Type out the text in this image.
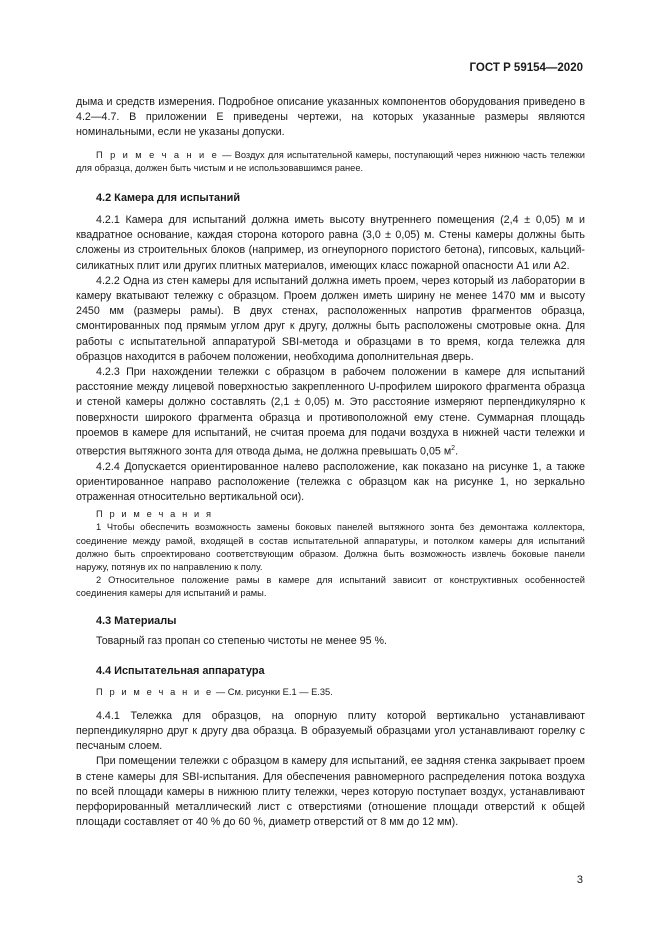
ГОСТ Р 59154—2020

дыма и средств измерения. Подробное описание указанных компонентов оборудования приведено в 4.2—4.7. В приложении Е приведены чертежи, на которых указанные размеры являются номинальными, если не указаны допуски.

П р и м е ч а н и е — Воздух для испытательной камеры, поступающий через нижнюю часть тележки для образца, должен быть чистым и не использовавшимся ранее.

4.2 Камера для испытаний

4.2.1 Камера для испытаний должна иметь высоту внутреннего помещения (2,4 ± 0,05) м и квадратное основание, каждая сторона которого равна (3,0 ± 0,05) м. Стены камеры должны быть сложены из строительных блоков (например, из огнеупорного пористого бетона), гипсовых, кальций-силикатных плит или других плитных материалов, имеющих класс пожарной опасности А1 или А2.

4.2.2 Одна из стен камеры для испытаний должна иметь проем, через который из лаборатории в камеру вкатывают тележку с образцом. Проем должен иметь ширину не менее 1470 мм и высоту 2450 мм (размеры рамы). В двух стенах, расположенных напротив фрагментов образца, смонтированных под прямым углом друг к другу, должны быть расположены смотровые окна. Для работы с испытательной аппаратурой SBI-метода и образцами в то время, когда тележка для образцов находится в рабочем положении, необходима дополнительная дверь.

4.2.3 При нахождении тележки с образцом в рабочем положении в камере для испытаний расстояние между лицевой поверхностью закрепленного U-профилем широкого фрагмента образца и стеной камеры должно составлять (2,1 ± 0,05) м. Это расстояние измеряют перпендикулярно к поверхности широкого фрагмента образца и противоположной ему стене. Суммарная площадь проемов в камере для испытаний, не считая проема для подачи воздуха в нижней части тележки и отверстия вытяжного зонта для отвода дыма, не должна превышать 0,05 $м^2$.

4.2.4 Допускается ориентированное налево расположение, как показано на рисунке 1, а также ориентированное направо расположение (тележка с образцом как на рисунке 1, но зеркально отраженная относительно вертикальной оси).

П р и м е ч а н и я

1 Чтобы обеспечить возможность замены боковых панелей вытяжного зонта без демонтажа коллектора, соединение между рамой, входящей в состав испытательной аппаратуры, и потолком камеры для испытаний должно быть спроектировано соответствующим образом. Должна быть возможность извлечь боковые панели наружу, потянув их по направлению к полу.

2 Относительное положение рамы в камере для испытаний зависит от конструктивных особенностей соединения камеры для испытаний и рамы.

4.3 Материалы

Товарный газ пропан со степенью чистоты не менее 95 %.

4.4 Испытательная аппаратура

П р и м е ч а н и е — См. рисунки Е.1 — Е.35.

4.4.1 Тележка для образцов, на опорную плиту которой вертикально устанавливают перпендикулярно друг к другу два образца. В образуемый образцами угол устанавливают горелку с песчаным слоем.

При помещении тележки с образцом в камеру для испытаний, ее задняя стенка закрывает проем в стене камеры для SBI-испытания. Для обеспечения равномерного распределения потока воздуха по всей площади камеры в нижнюю плиту тележки, через которую поступает воздух, устанавливают перфорированный металлический лист с отверстиями (отношение площади отверстий к общей площади составляет от 40 % до 60 %, диаметр отверстий от 8 мм до 12 мм).

3
